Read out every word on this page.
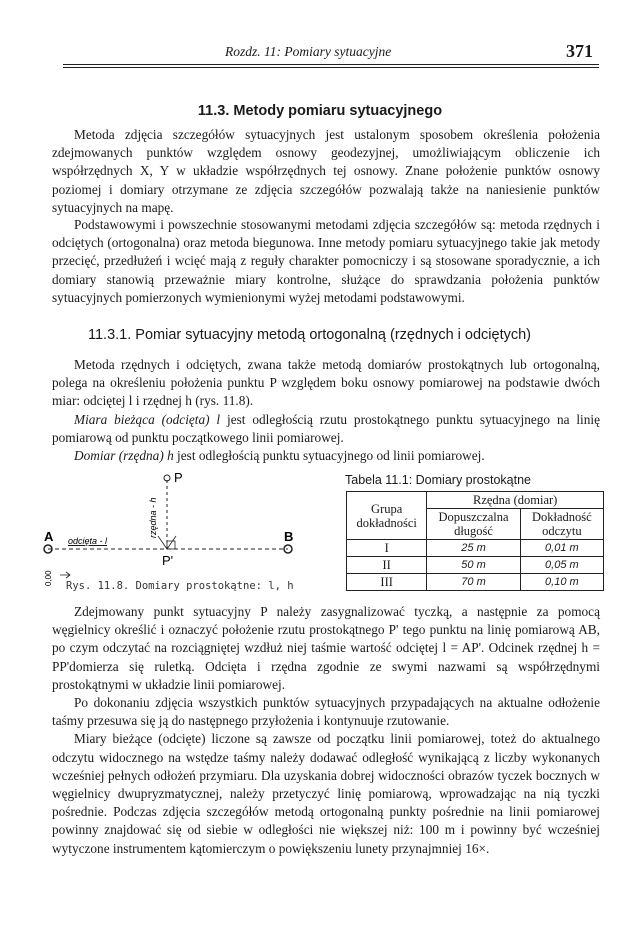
Rozdz. 11: Pomiary sytuacyjne	371
11.3. Metody pomiaru sytuacyjnego

Metoda zdjęcia szczegółów sytuacyjnych jest ustalonym sposobem określenia położenia zdejmowanych punktów względem osnowy geodezyjnej, umożliwiającym obliczenie ich współrzędnych X, Y w układzie współrzędnych tej osnowy. Znane położenie punktów osnowy poziomej i domiary otrzymane ze zdjęcia szczegółów pozwalają także na naniesienie punktów sytuacyjnych na mapę.

Podstawowymi i powszechnie stosowanymi metodami zdjęcia szczegółów są: metoda rzędnych i odciętych (ortogonalna) oraz metoda biegunowa. Inne metody pomiaru sytuacyjnego takie jak metody przecięć, przedłużeń i wcięć mają z reguły charakter pomocniczy i są stosowane sporadycznie, a ich domiary stanowią przeważnie miary kontrolne, służące do sprawdzania położenia punktów sytuacyjnych pomierzonych wymienionymi wyżej metodami podstawowymi.

11.3.1. Pomiar sytuacyjny metodą ortogonalną (rzędnych i odciętych)

Metoda rzędnych i odciętych, zwana także metodą domiarów prostokątnych lub ortogonalną, polega na określeniu położenia punktu P względem boku osnowy pomiarowej na podstawie dwóch miar: odciętej l i rzędnej h (rys. 11.8).

Miara bieżąca (odcięta) l jest odległością rzutu prostokątnego punktu sytuacyjnego na linię pomiarową od punktu początkowego linii pomiarowej.

Domiar (rzędna) h jest odległością punktu sytuacyjnego od linii pomiarowej.

P
A	B
P'
odcięta - l
rzędna - h
0,00 Rys. 11.8. Domiary prostokątne: l, h
Tabela 11.1: Domiary prostokątne
Grupa dokładności	Rzędna (domiar)	
	Dopuszczalna długość	Dokładność odczytu
I	25 m	0,01 m
II	50 m	0,05 m
III	70 m	0,10 m

Zdejmowany punkt sytuacyjny P należy zasygnalizować tyczką, a następnie za pomocą węgielnicy określić i oznaczyć położenie rzutu prostokątnego P' tego punktu na linię pomiarową AB, po czym odczytać na rozciągniętej wzdłuż niej taśmie wartość odciętej l = AP'. Odcinek rzędnej h = PP'domierza się ruletką. Odcięta i rzędna zgodnie ze swymi nazwami są współrzędnymi prostokątnymi w układzie linii pomiarowej.

Po dokonaniu zdjęcia wszystkich punktów sytuacyjnych przypadających na aktualne odłożenie taśmy przesuwa się ją do następnego przyłożenia i kontynuuje rzutowanie.

Miary bieżące (odcięte) liczone są zawsze od początku linii pomiarowej, toteż do aktualnego odczytu widocznego na wstędze taśmy należy dodawać odległość wynikającą z liczby wykonanych wcześniej pełnych odłożeń przymiaru. Dla uzyskania dobrej widoczności obrazów tyczek bocznych w węgielnicy dwupryzmatycznej, należy przetyczyć linię pomiarową, wprowadzając na nią tyczki pośrednie. Podczas zdjęcia szczegółów metodą ortogonalną punkty pośrednie na linii pomiarowej powinny znajdować się od siebie w odległości nie większej niż: 100 m i powinny być wcześniej wytyczone instrumentem kątomierczym o powiększeniu lunety przynajmniej 16×.
